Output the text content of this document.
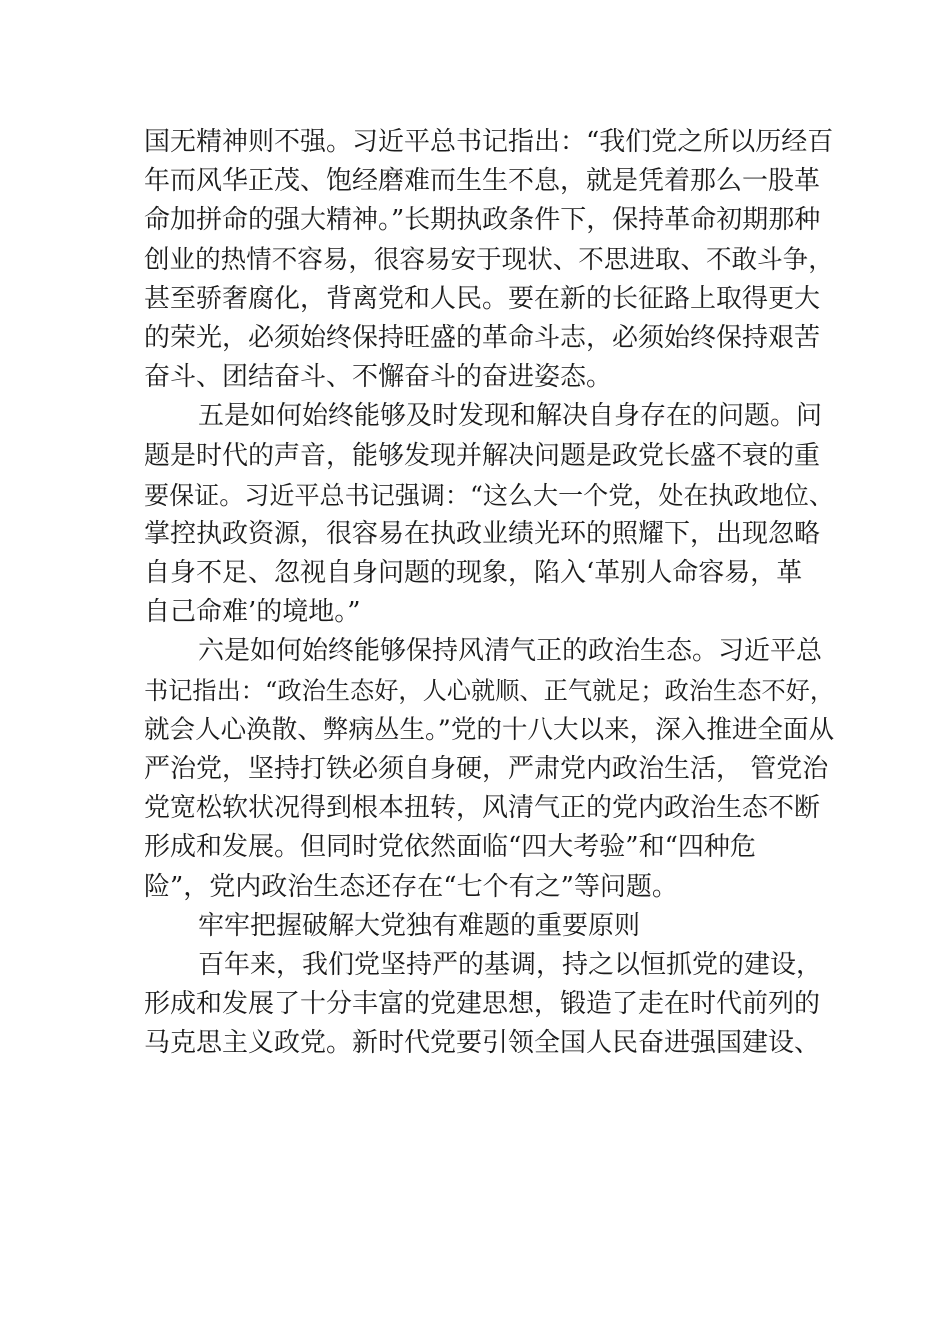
国无精神则不强。习近平总书记指出：“我们党之所以历经百
年而风华正茂、饱经磨难而生生不息，就是凭着那么一股革
命加拼命的强大精神。”长期执政条件下，保持革命初期那种
创业的热情不容易，很容易安于现状、不思进取、不敢斗争，
甚至骄奢腐化，背离党和人民。要在新的长征路上取得更大
的荣光，必须始终保持旺盛的革命斗志，必须始终保持艰苦
奋斗、团结奋斗、不懈奋斗的奋进姿态。
五是如何始终能够及时发现和解决自身存在的问题。问
题是时代的声音，能够发现并解决问题是政党长盛不衰的重
要保证。习近平总书记强调：“这么大一个党，处在执政地位、
掌控执政资源，很容易在执政业绩光环的照耀下，出现忽略
自身不足、忽视自身问题的现象，陷入‘革别人命容易，革
自己命难’的境地。”
六是如何始终能够保持风清气正的政治生态。习近平总
书记指出：“政治生态好，人心就顺、正气就足；政治生态不好，
就会人心涣散、弊病丛生。”党的十八大以来，深入推进全面从
严治党，坚持打铁必须自身硬，严肃党内政治生活， 管党治
党宽松软状况得到根本扭转，风清气正的党内政治生态不断
形成和发展。但同时党依然面临“四大考验”和“四种危
险”，党内政治生态还存在“七个有之”等问题。
牢牢把握破解大党独有难题的重要原则
百年来，我们党坚持严的基调，持之以恒抓党的建设，
形成和发展了十分丰富的党建思想，锻造了走在时代前列的
马克思主义政党。新时代党要引领全国人民奋进强国建设、
